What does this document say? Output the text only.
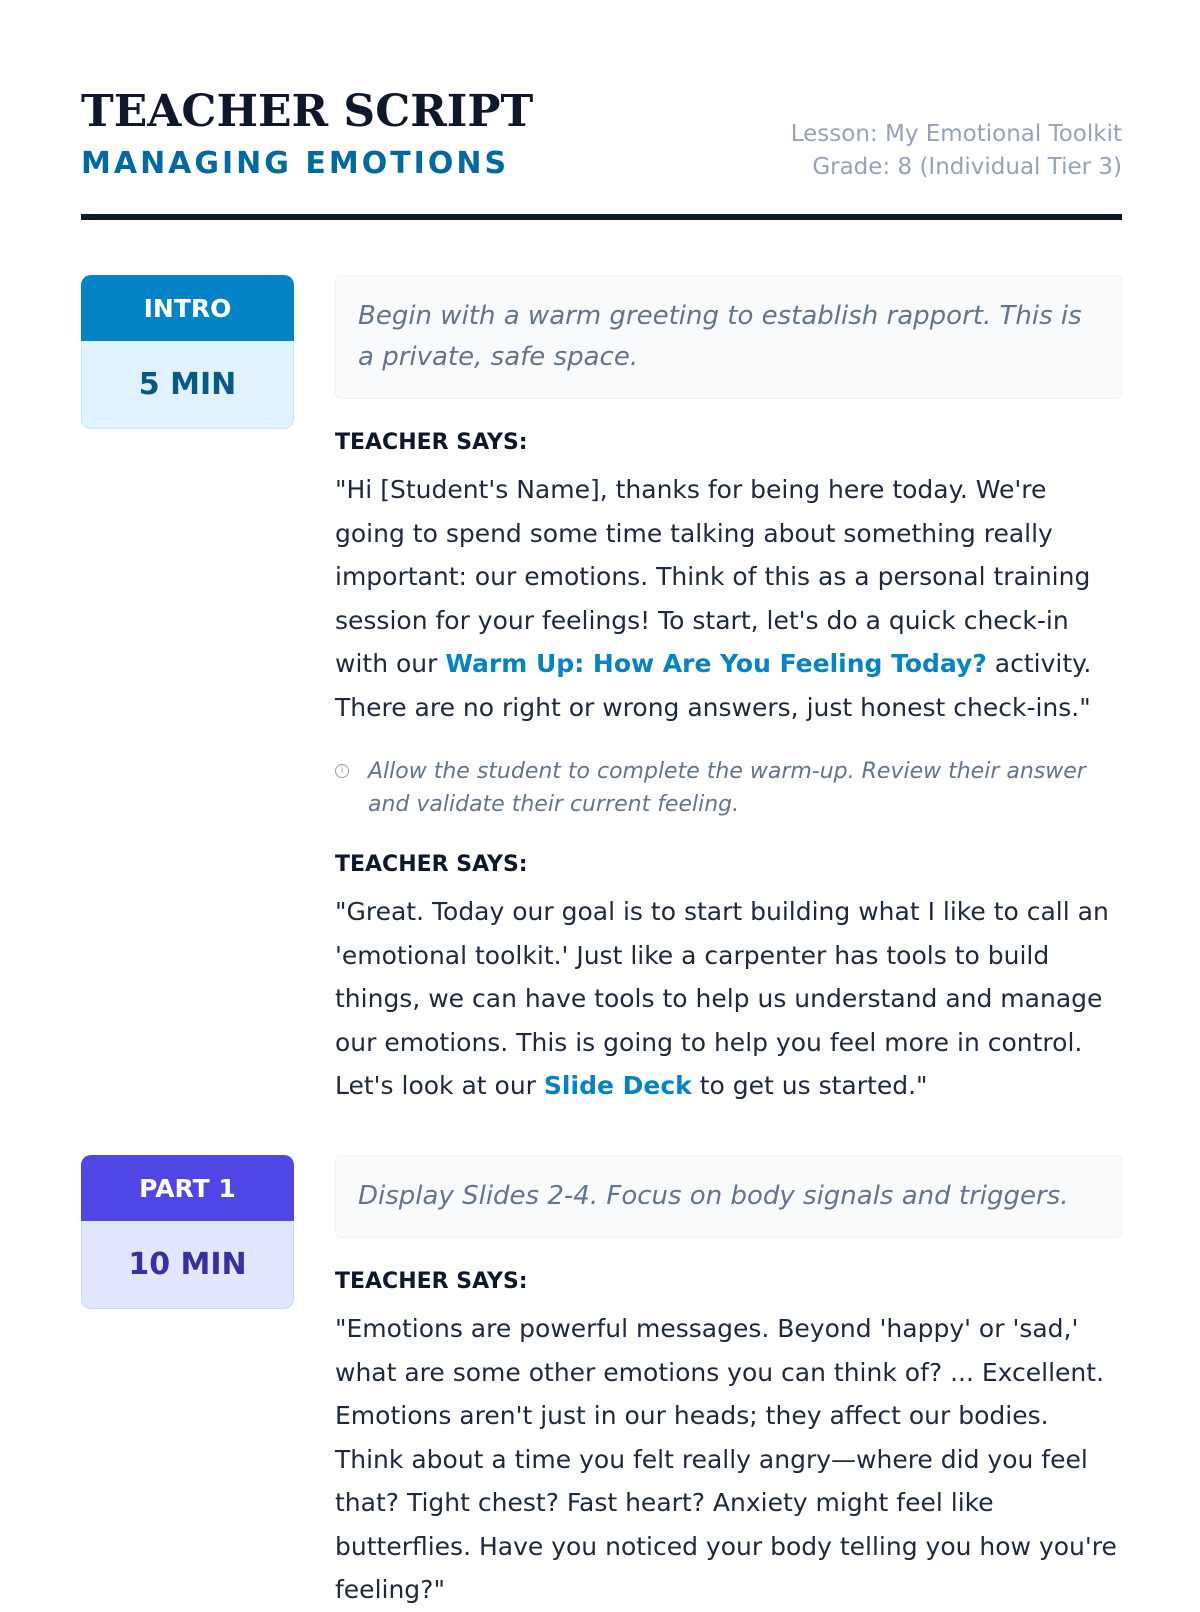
TEACHER SCRIPT
MANAGING EMOTIONS
Lesson: My Emotional Toolkit
Grade: 8 (Individual Tier 3)
INTRO
5 MIN
Begin with a warm greeting to establish rapport. This is a private, safe space.
TEACHER SAYS:
"Hi [Student's Name], thanks for being here today. We're going to spend some time talking about something really important: our emotions. Think of this as a personal training session for your feelings! To start, let's do a quick check-in with our Warm Up: How Are You Feeling Today? activity. There are no right or wrong answers, just honest check-ins."
i Allow the student to complete the warm-up. Review their answer and validate their current feeling.
TEACHER SAYS:
"Great. Today our goal is to start building what I like to call an 'emotional toolkit.' Just like a carpenter has tools to build things, we can have tools to help us understand and manage our emotions. This is going to help you feel more in control. Let's look at our Slide Deck to get us started."
PART 1
10 MIN
Display Slides 2-4. Focus on body signals and triggers.
TEACHER SAYS:
"Emotions are powerful messages. Beyond 'happy' or 'sad,' what are some other emotions you can think of? ... Excellent. Emotions aren't just in our heads; they affect our bodies. Think about a time you felt really angry—where did you feel that? Tight chest? Fast heart? Anxiety might feel like butterflies. Have you noticed your body telling you how you're feeling?"
